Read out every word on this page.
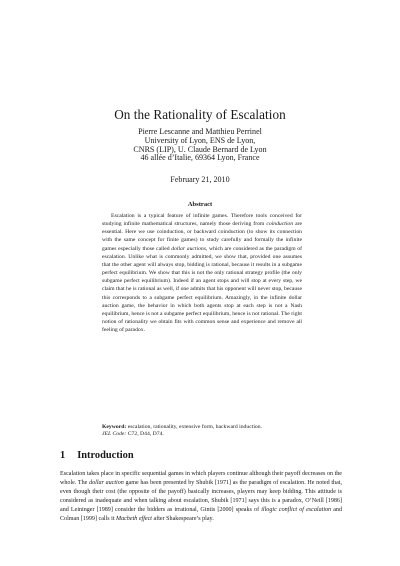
On the Rationality of Escalation
Pierre Lescanne and Matthieu Perrinel
University of Lyon, ENS de Lyon,
CNRS (LIP), U. Claude Bernard de Lyon
46 allée d’Italie, 69364 Lyon, France
February 21, 2010
Abstract

Escalation is a typical feature of infinite games. Therefore tools conceived for studying infinite mathematical structures, namely those deriving from coinduction are essential. Here we use coinduction, or backward coinduction (to show its connection with the same concept for finite games) to study carefully and formally the infinite games especially those called dollar auctions, which are considered as the paradigm of escalation. Unlike what is commonly admitted, we show that, provided one assumes that the other agent will always stop, bidding is rational, because it results in a subgame perfect equilibrium. We show that this is not the only rational strategy profile (the only subgame perfect equilibrium). Indeed if an agent stops and will stop at every step, we claim that he is rational as well, if one admits that his opponent will never stop, because this corresponds to a subgame perfect equilibrium. Amazingly, in the infinite dollar auction game, the behavior in which both agents stop at each step is not a Nash equilibrium, hence is not a subgame perfect equilibrium, hence is not rational. The right notion of rationality we obtain fits with common sense and experience and remove all feeling of paradox.

Keyword: escalation, rationality, extensive form, backward induction.
JEL Code: C72, D44, D74.
1 Introduction

Escalation takes place in specific sequential games in which players continue although their payoff decreases on the whole. The dollar auction game has been presented by Shubik [1971] as the paradigm of escalation. He noted that, even though their cost (the opposite of the payoff) basically increases, players may keep bidding. This attitude is considered as inadequate and when talking about escalation, Shubik [1971] says this is a paradox, O’Neill [1986] and Leininger [1989] consider the bidders as irrational, Gintis [2000] speaks of illogic conflict of escalation and Colman [1999] calls it Macbeth effect after Shakespeare’s play.
